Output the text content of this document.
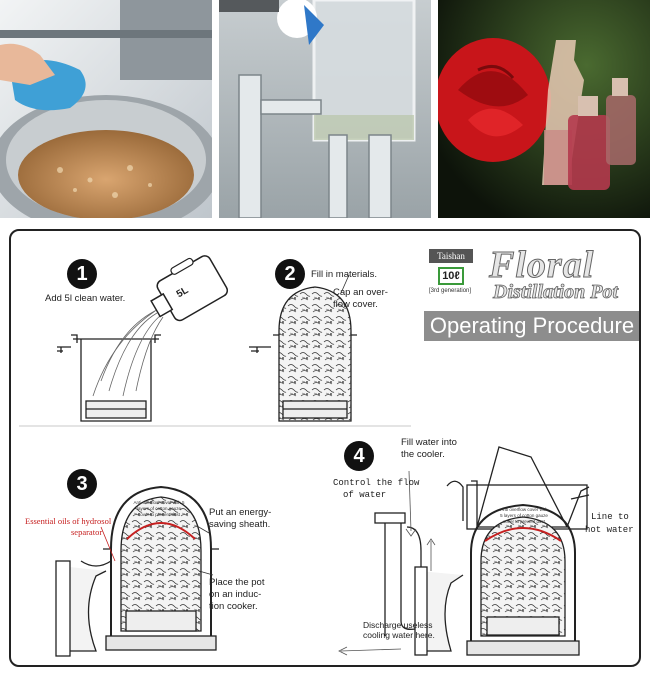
1	2
3
4
Add 5l clean water.	5L
Fill in materials.
Cap an over-
flow cover.
Essential oils of hydrosol
separator
Anti overflow cover with 5
layers of cotton gauze
cover to prevent dust	Put an energy-
saving sheath.
Place the pot
on an induc-
tion cooker.
Fill water into
the cooler.
Control the flow
of water
Line to
hot water
Discharge useless
cooling water here.
Anti overflow cover with
5 layers of cotton gauze
cover to prevent dust
Taishan
10ℓ
[3rd generation]
Floral
Distillation Pot
Operating Procedure
